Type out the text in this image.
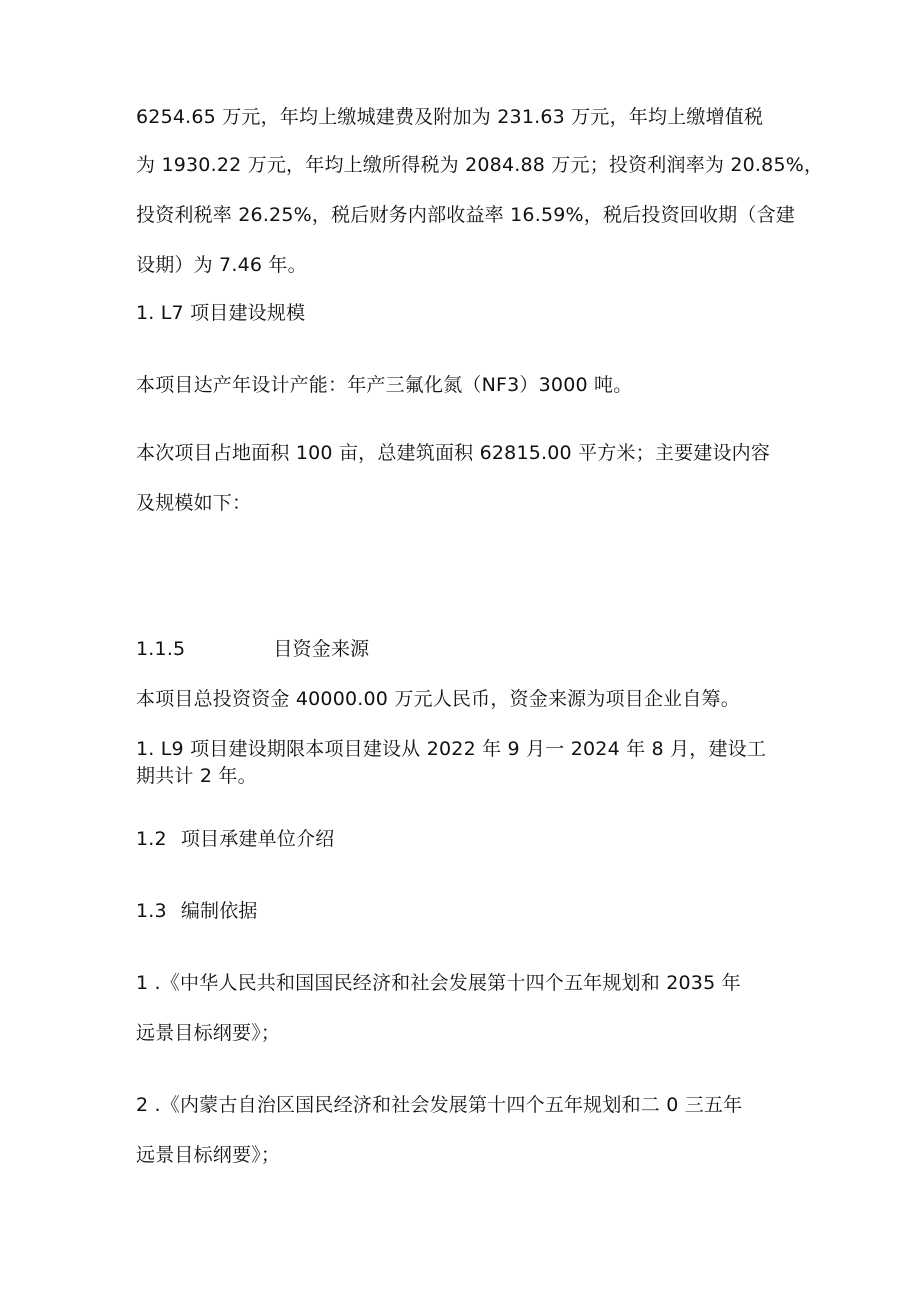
6254.65 万元，年均上缴城建费及附加为 231.63 万元，年均上缴增值税
为 1930.22 万元，年均上缴所得税为 2084.88 万元；投资利润率为 20.85%，
投资利税率 26.25%，税后财务内部收益率 16.59%，税后投资回收期（含建
设期）为 7.46 年。
1. L7 项目建设规模
本项目达产年设计产能：年产三氟化氮（NF3）3000 吨。
本次项目占地面积 100 亩，总建筑面积 62815.00 平方米；主要建设内容
及规模如下：
1.1.5	目资金来源
本项目总投资资金 40000.00 万元人民币，资金来源为项目企业自筹。
1. L9 项目建设期限本项目建设从 2022 年 9 月一 2024 年 8 月，建设工
期共计 2 年。
1.2 项目承建单位介绍
1.3 编制依据
1 .《中华人民共和国国民经济和社会发展第十四个五年规划和 2035 年
远景目标纲要》；
2 .《内蒙古自治区国民经济和社会发展第十四个五年规划和二 0 三五年
远景目标纲要》；
